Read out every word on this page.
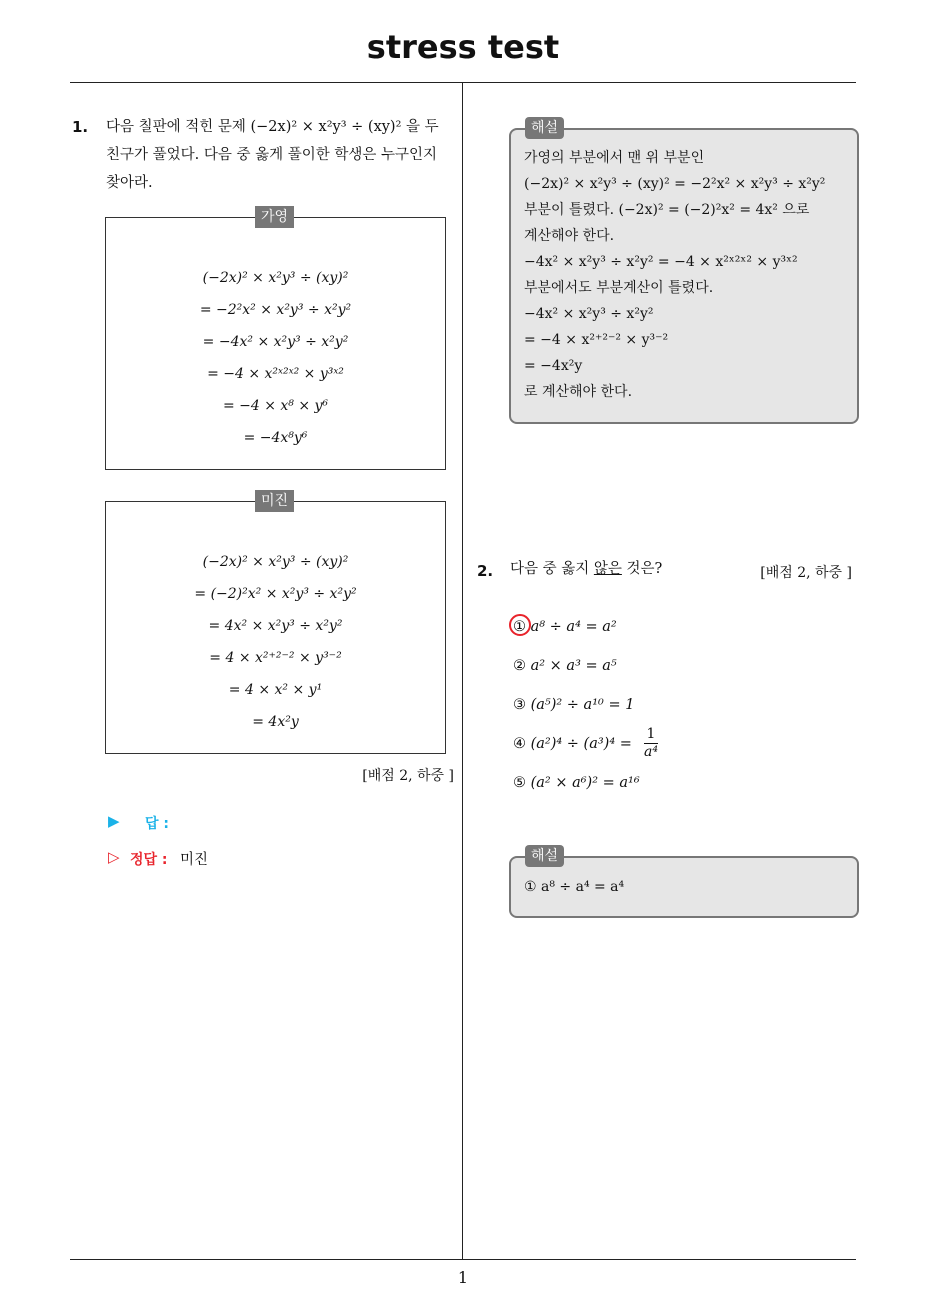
stress test
1
1. 다음 칠판에 적힌 문제 (−2x)² × x²y³ ÷ (xy)² 을 두
친구가 풀었다. 다음 중 옳게 풀이한 학생은 누구인지
찾아라.
(−2x)² × x²y³ ÷ (xy)²
= −2²x² × x²y³ ÷ x²y²
= −4x² × x²y³ ÷ x²y²
= −4 × x²ˣ²ˣ² × y³ˣ²
= −4 × x⁸ × y⁶
= −4x⁸y⁶
가영
(−2x)² × x²y³ ÷ (xy)²
= (−2)²x² × x²y³ ÷ x²y²
= 4x² × x²y³ ÷ x²y²
= 4 × x²⁺²⁻² × y³⁻²
= 4 × x² × y¹
= 4x²y
미진
[배점 2, 하중 ]
▶ 답 :
▷ 정답 : 미진
가영의 부분에서 맨 위 부분인
(−2x)² × x²y³ ÷ (xy)² = −2²x² × x²y³ ÷ x²y²
부분이 틀렸다. (−2x)² = (−2)²x² = 4x² 으로
계산해야 한다.
−4x² × x²y³ ÷ x²y² = −4 × x²ˣ²ˣ² × y³ˣ²
부분에서도 부분계산이 틀렸다.
−4x² × x²y³ ÷ x²y²
= −4 × x²⁺²⁻² × y³⁻²
= −4x²y
로 계산해야 한다.
해설
2. 다음 중 옳지 않은 것은?	[배점 2, 하중 ]
① a⁸ ÷ a⁴ = a²
② a² × a³ = a⁵
③ (a⁵)² ÷ a¹⁰ = 1
④ $(a^2)^4 \div (a^3)^4 = \frac{1}{\text{a⁴}}$
⑤ (a² × a⁶)² = a¹⁶
① a⁸ ÷ a⁴ = a⁴
해설
